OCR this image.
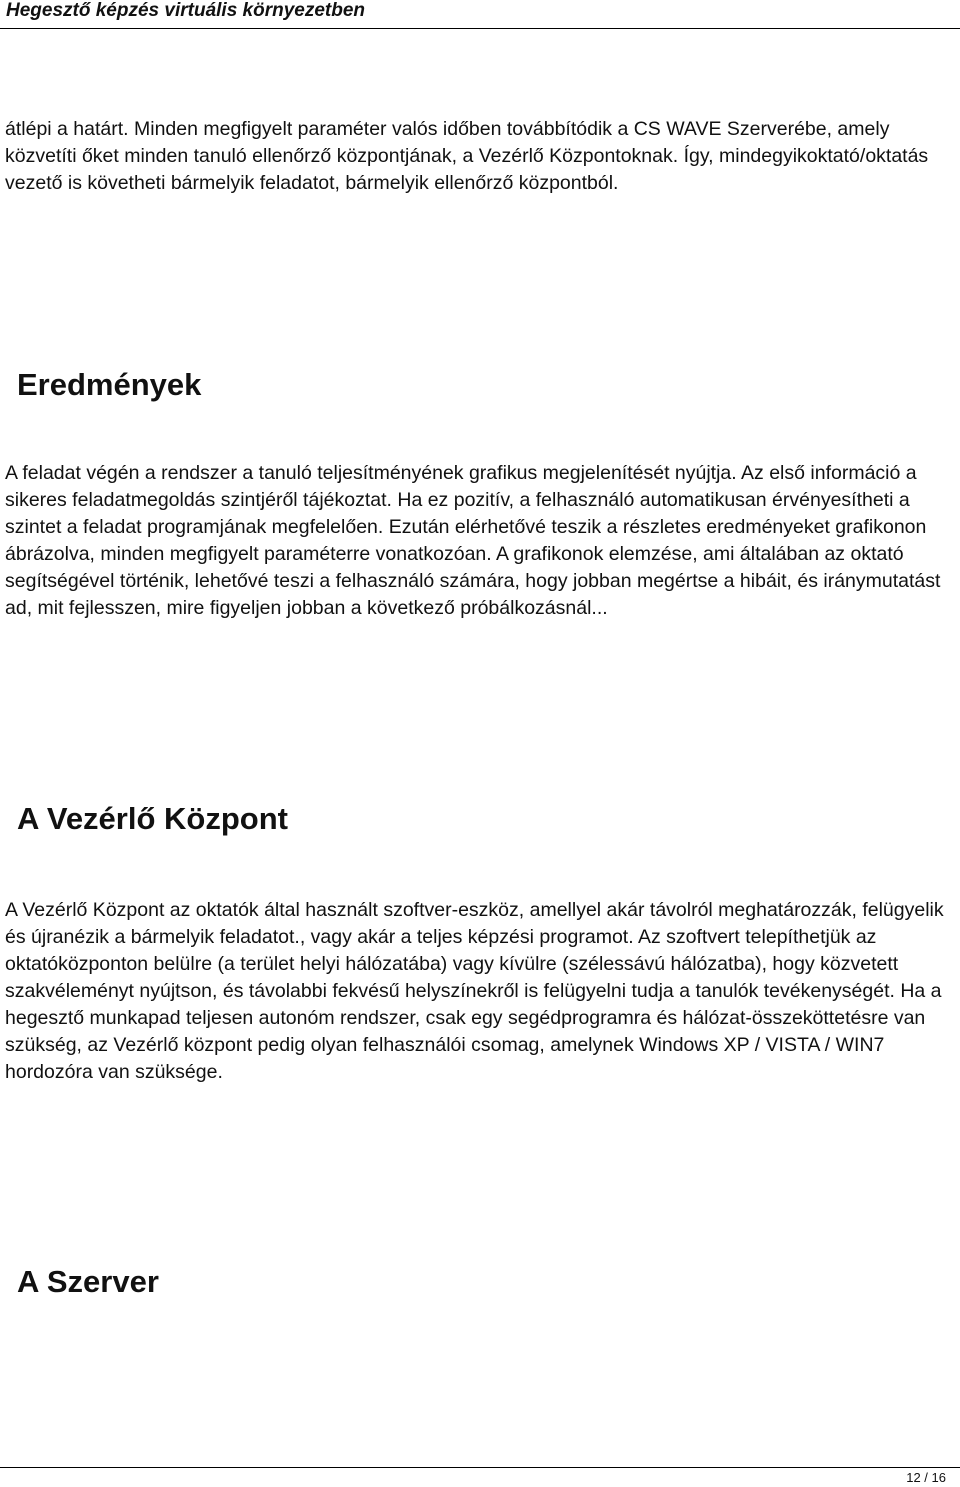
Hegesztő képzés virtuális környezetben

átlépi a határt. Minden megfigyelt paraméter valós időben továbbítódik a CS WAVE Szerverébe, amely közvetíti őket minden tanuló ellenőrző központjának, a Vezérlő Központoknak. Így, mindegyikoktató/oktatás vezető is követheti bármelyik feladatot, bármelyik ellenőrző központból.

Eredmények

A feladat végén a rendszer a tanuló teljesítményének grafikus megjelenítését nyújtja. Az első információ a sikeres feladatmegoldás szintjéről tájékoztat. Ha ez pozitív, a felhasználó automatikusan érvényesítheti a szintet a feladat programjának megfelelően. Ezután elérhetővé teszik a részletes eredményeket grafikonon ábrázolva, minden megfigyelt paraméterre vonatkozóan. A grafikonok elemzése, ami általában az oktató segítségével történik, lehetővé teszi a felhasználó számára, hogy jobban megértse a hibáit, és iránymutatást ad, mit fejlesszen, mire figyeljen jobban a következő próbálkozásnál...

A Vezérlő Központ

A Vezérlő Központ az oktatók által használt szoftver-eszköz, amellyel akár távolról meghatározzák, felügyelik és újranézik a bármelyik feladatot., vagy akár a teljes képzési programot. Az szoftvert telepíthetjük az oktatóközponton belülre (a terület helyi hálózatába) vagy kívülre (szélessávú hálózatba), hogy közvetett szakvéleményt nyújtson, és távolabbi fekvésű helyszínekről is felügyelni tudja a tanulók tevékenységét. Ha a hegesztő munkapad teljesen autonóm rendszer, csak egy segédprogramra és hálózat-összeköttetésre van szükség, az Vezérlő központ pedig olyan felhasználói csomag, amelynek Windows XP / VISTA / WIN7 hordozóra van szüksége.

A Szerver
12 / 16
